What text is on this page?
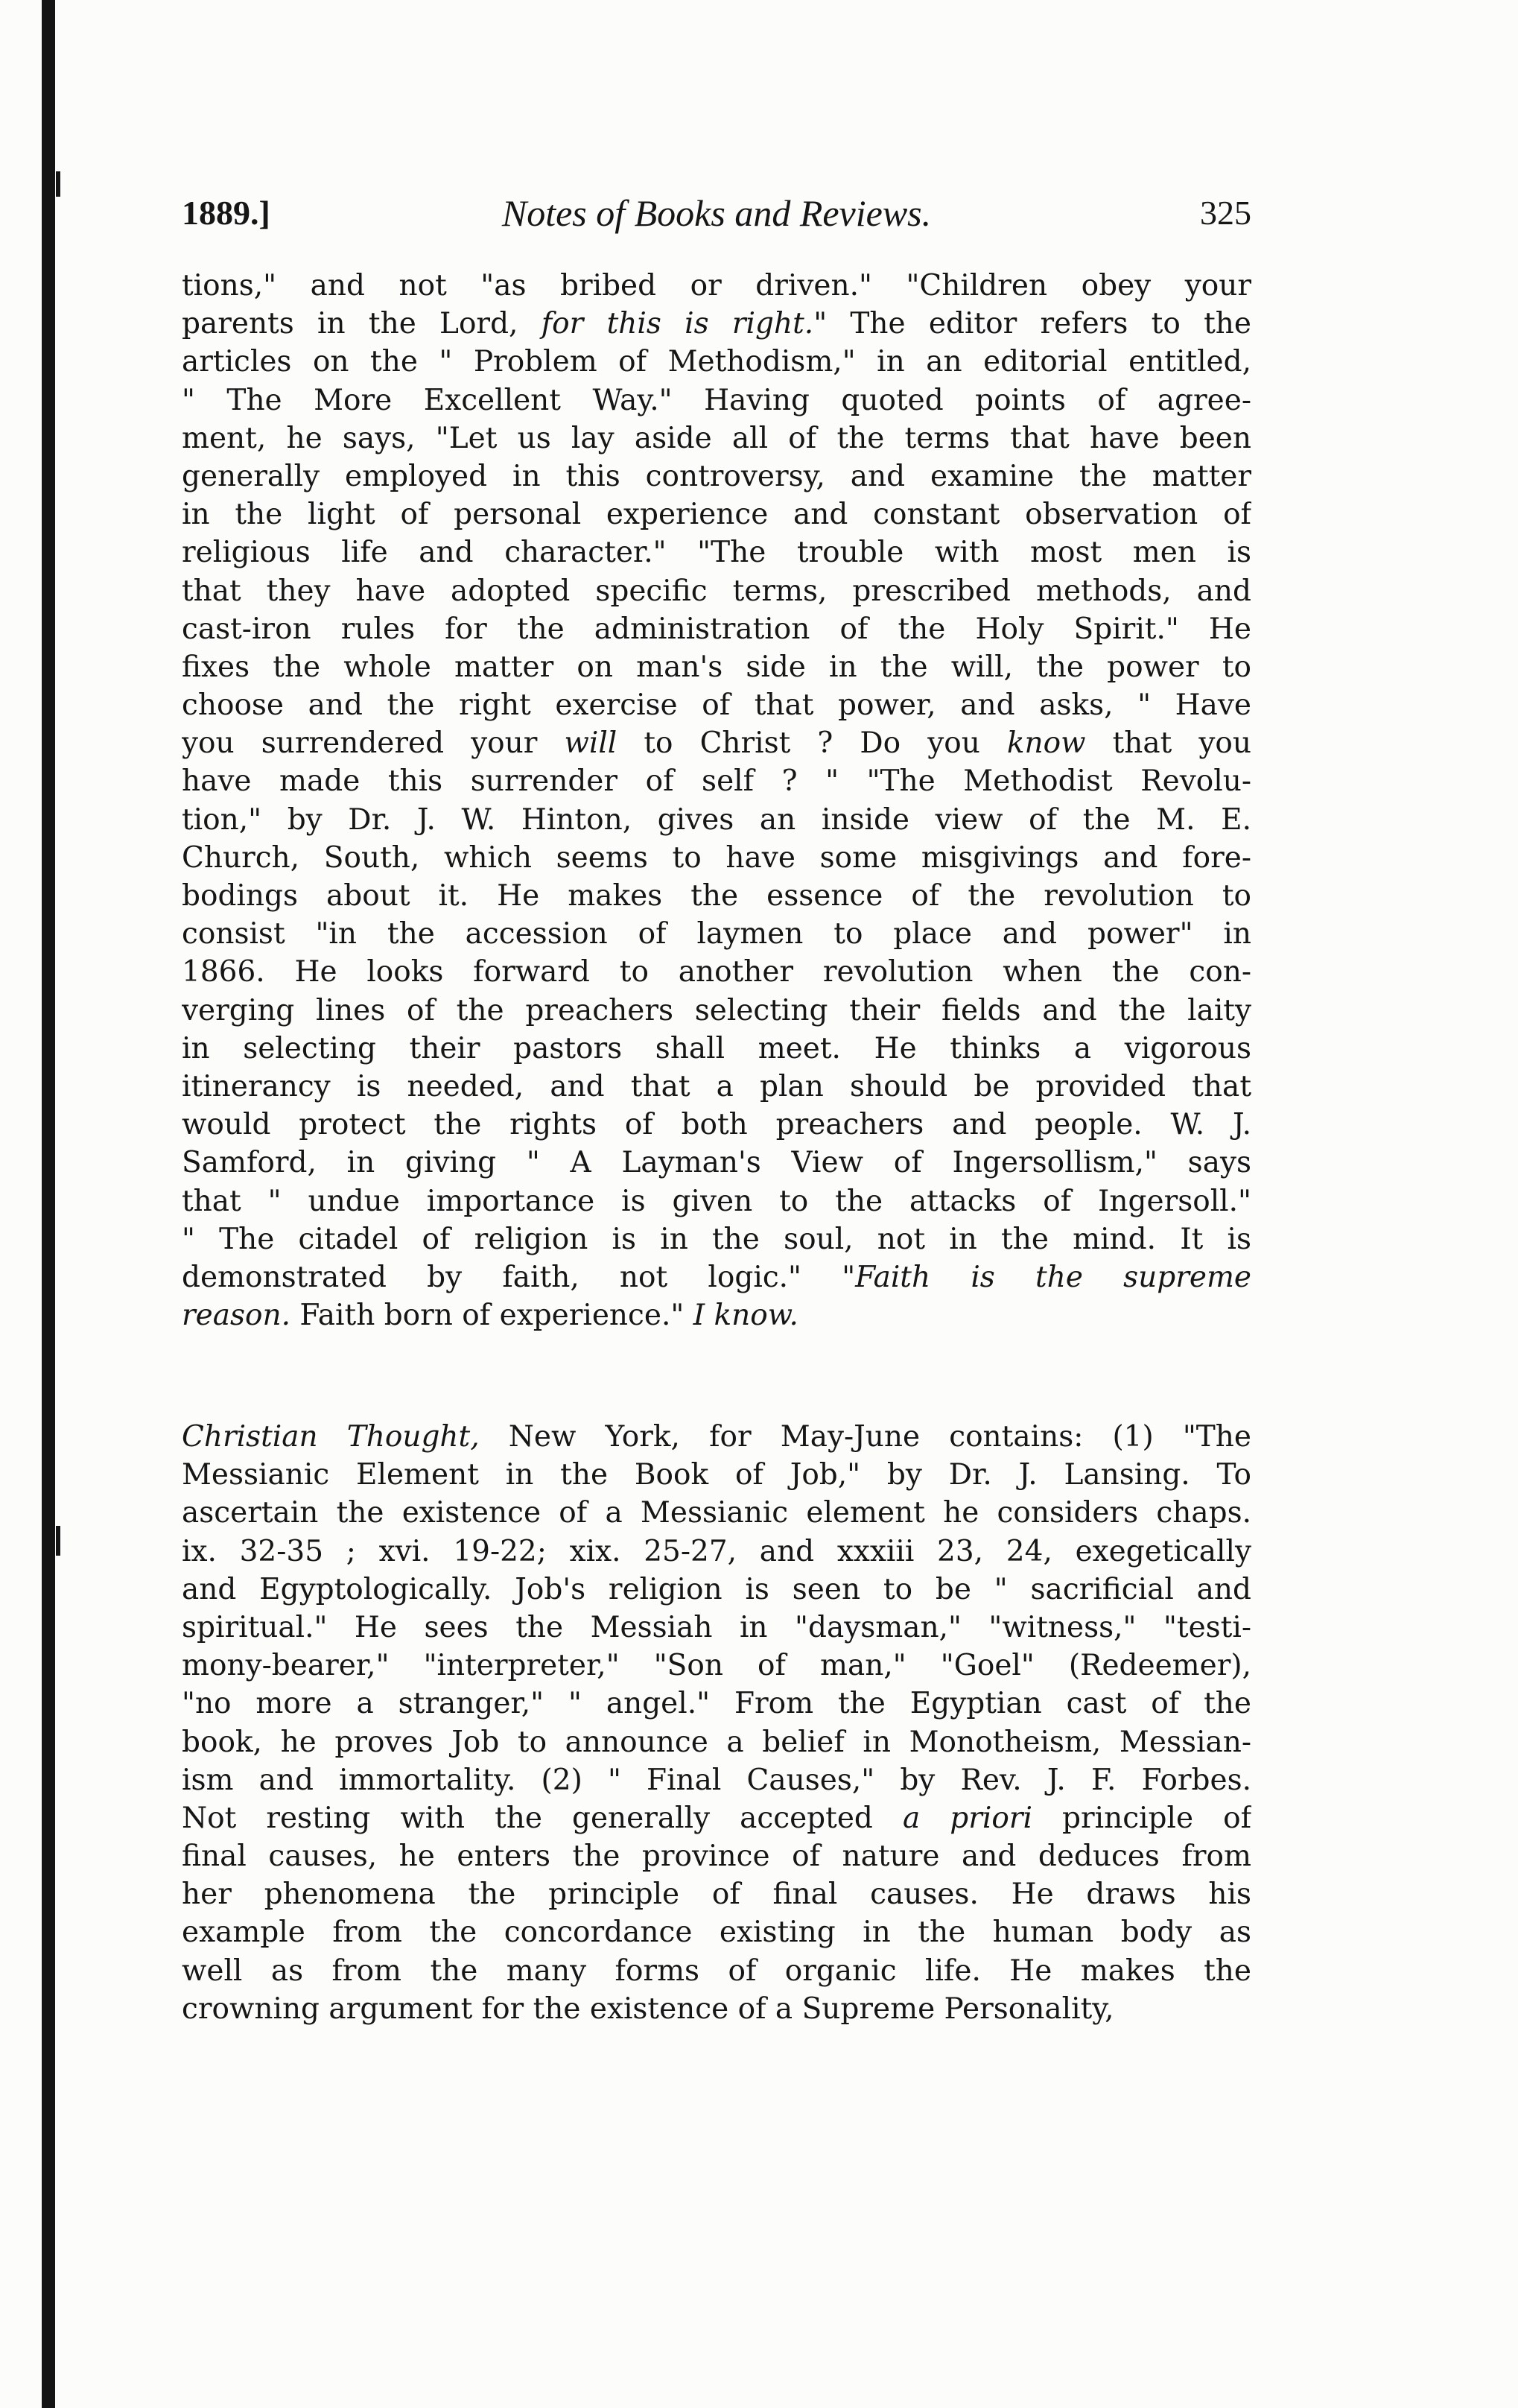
1889.]	Notes of Books and Reviews.	325
tions," and not "as bribed or driven." "Children obey your
parents in the Lord, for this is right." The editor refers to the
articles on the " Problem of Methodism," in an editorial entitled,
" The More Excellent Way." Having quoted points of agree-
ment, he says, "Let us lay aside all of the terms that have been
generally employed in this controversy, and examine the matter
in the light of personal experience and constant observation of
religious life and character." "The trouble with most men is
that they have adopted specific terms, prescribed methods, and
cast-iron rules for the administration of the Holy Spirit." He
fixes the whole matter on man's side in the will, the power to
choose and the right exercise of that power, and asks, " Have
you surrendered your will to Christ ? Do you know that you
have made this surrender of self ? " "The Methodist Revolu-
tion," by Dr. J. W. Hinton, gives an inside view of the M. E.
Church, South, which seems to have some misgivings and fore-
bodings about it. He makes the essence of the revolution to
consist "in the accession of laymen to place and power" in
1866. He looks forward to another revolution when the con-
verging lines of the preachers selecting their fields and the laity
in selecting their pastors shall meet. He thinks a vigorous
itinerancy is needed, and that a plan should be provided that
would protect the rights of both preachers and people. W. J.
Samford, in giving " A Layman's View of Ingersollism," says
that " undue importance is given to the attacks of Ingersoll."
" The citadel of religion is in the soul, not in the mind. It is
demonstrated by faith, not logic." "Faith is the supreme
reason. Faith born of experience." I know.
Christian Thought, New York, for May-June contains: (1) "The
Messianic Element in the Book of Job," by Dr. J. Lansing. To
ascertain the existence of a Messianic element he considers chaps.
ix. 32-35 ; xvi. 19-22; xix. 25-27, and xxxiii 23, 24, exegetically
and Egyptologically. Job's religion is seen to be " sacrificial and
spiritual." He sees the Messiah in "daysman," "witness," "testi-
mony-bearer," "interpreter," "Son of man," "Goel" (Redeemer),
"no more a stranger," " angel." From the Egyptian cast of the
book, he proves Job to announce a belief in Monotheism, Messian-
ism and immortality. (2) " Final Causes," by Rev. J. F. Forbes.
Not resting with the generally accepted a priori principle of
final causes, he enters the province of nature and deduces from
her phenomena the principle of final causes. He draws his
example from the concordance existing in the human body as
well as from the many forms of organic life. He makes the
crowning argument for the existence of a Supreme Personality,
